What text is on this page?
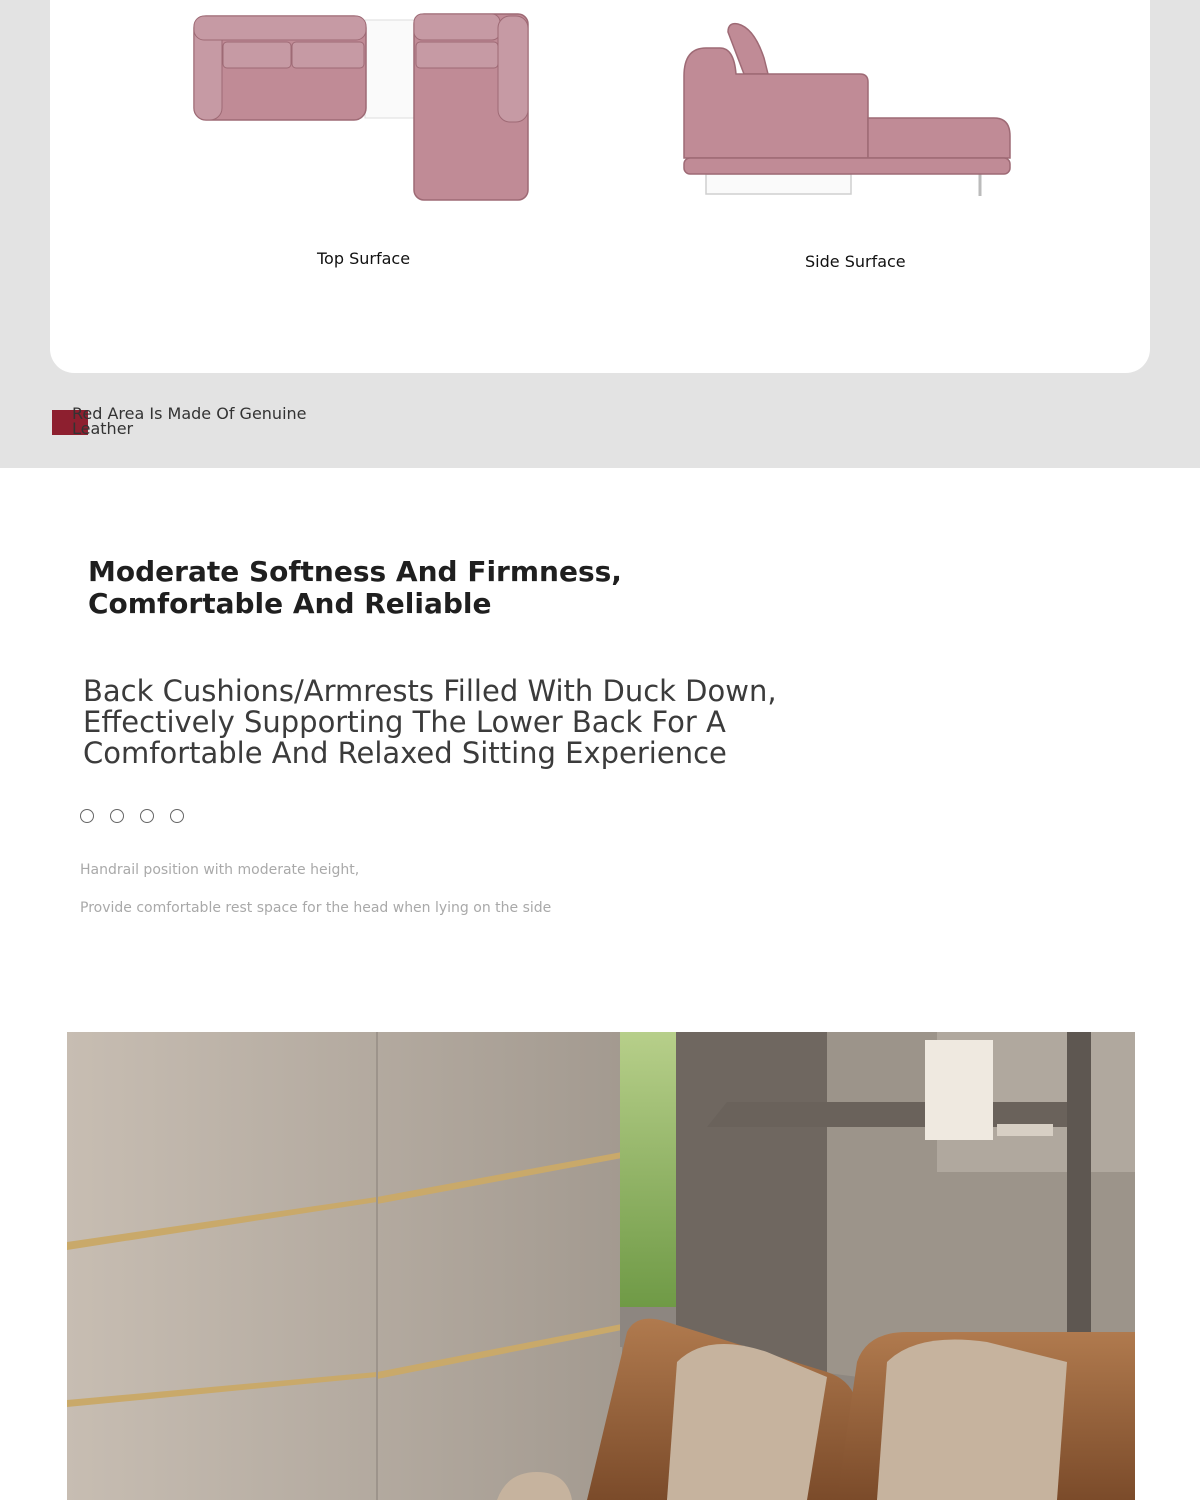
Top Surface	Side Surface
Red Area Is Made Of Genuine Leather
Moderate Softness And Firmness, Comfortable And Reliable
Back Cushions/Armrests Filled With Duck Down, Effectively Supporting The Lower Back For A Comfortable And Relaxed Sitting Experience
Handrail position with moderate height,
Provide comfortable rest space for the head when lying on the side
